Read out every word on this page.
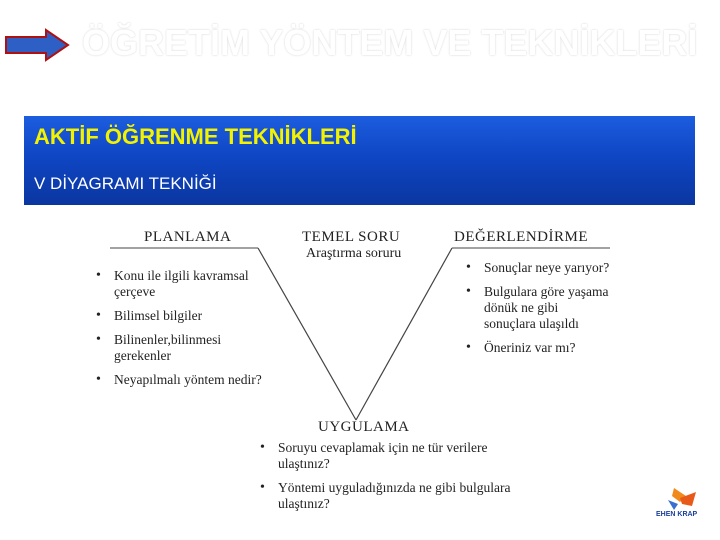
ÖĞRETİM YÖNTEM VE TEKNİKLERİ
AKTİF ÖĞRENME TEKNİKLERİ
V DİYAGRAMI TEKNİĞİ
PLANLAMA
• Konu ile ilgili kavramsal çerçeve
• Bilimsel bilgiler
• Bilinenler,bilinmesi gerekenler
• Neyapılmalı yöntem nedir?
TEMEL SORU
Araştırma soruru
DEĞERLENDİRME
• Sonuçlar neye yarıyor?
• Bulgulara göre yaşama dönük ne gibi sonuçlara ulaşıldı
• Öneriniz var mı?
UYGULAMA
• Soruyu cevaplamak için ne tür verilere ulaştınız?
• Yöntemi uyguladığınızda ne gibi bulgulara ulaştınız?
EHEN KRAP
